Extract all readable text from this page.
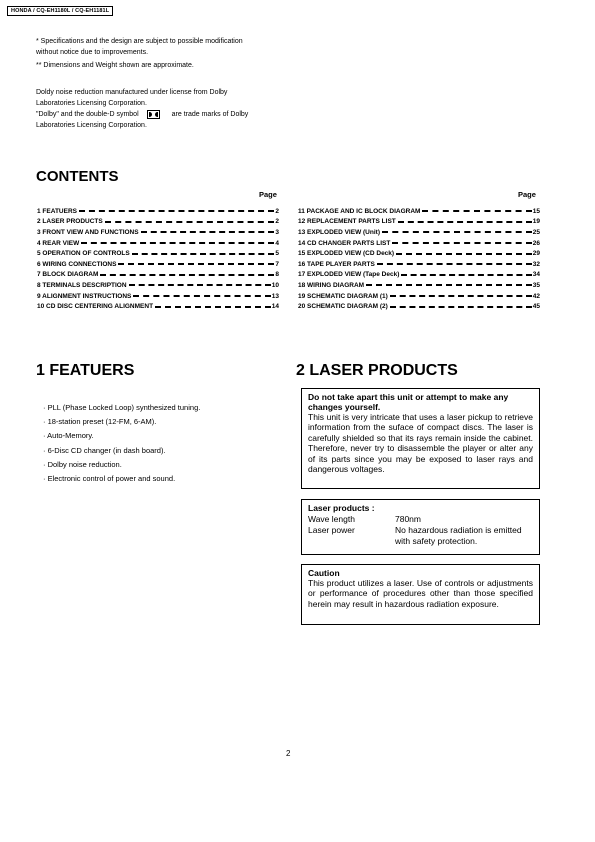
HONDA / CQ-EH1180L / CQ-EH1181L
* Specifications and the design are subject to possible modification
without notice due to improvements.
** Dimensions and Weight shown are approximate.
Doldy noise reduction manufactured under license from Dolby
Laboratories Licensing Corporation.
"Dolby" and the double-D symbol	are trade marks of Dolby
Laboratories Licensing Corporation.
CONTENTS
Page	Page
1 FEATUERS	2
2 LASER PRODUCTS	2
3 FRONT VIEW AND FUNCTIONS	3
4 REAR VIEW	4
5 OPERATION OF CONTROLS	5
6 WIRING CONNECTIONS	7
7 BLOCK DIAGRAM	8
8 TERMINALS DESCRIPTION	10
9 ALIGNMENT INSTRUCTIONS	13
10 CD DISC CENTERING ALIGNMENT	14
11 PACKAGE AND IC BLOCK DIAGRAM	15
12 REPLACEMENT PARTS LIST	19
13 EXPLODED VIEW (Unit)	25
14 CD CHANGER PARTS LIST	26
15 EXPLODED VIEW (CD Deck)	29
16 TAPE PLAYER PARTS	32
17 EXPLODED VIEW (Tape Deck)	34
18 WIRING DIAGRAM	35
19 SCHEMATIC DIAGRAM (1)	42
20 SCHEMATIC DIAGRAM (2)	45
1 FEATUERS
· PLL (Phase Locked Loop) synthesized tuning.
· 18-station preset (12-FM, 6-AM).
· Auto-Memory.
· 6-Disc CD changer (in dash board).
· Dolby noise reduction.
· Electronic control of power and sound.
2 LASER PRODUCTS
Do not take apart this unit or attempt to make any changes yourself.
This unit is very intricate that uses a laser pickup to retrieve information from the suface of compact discs. The laser is carefully shielded so that its rays remain inside the cabinet. Therefore, never try to disassemble the player or alter any of its parts since you may be exposed to laser rays and dangerous voltages.
Laser products :
Wave length	780nm
Laser power	No hazardous radiation is emitted with safety protection.
Caution
This product utilizes a laser. Use of controls or adjustments or performance of procedures other than those specified herein may result in hazardous radiation exposure.
2
